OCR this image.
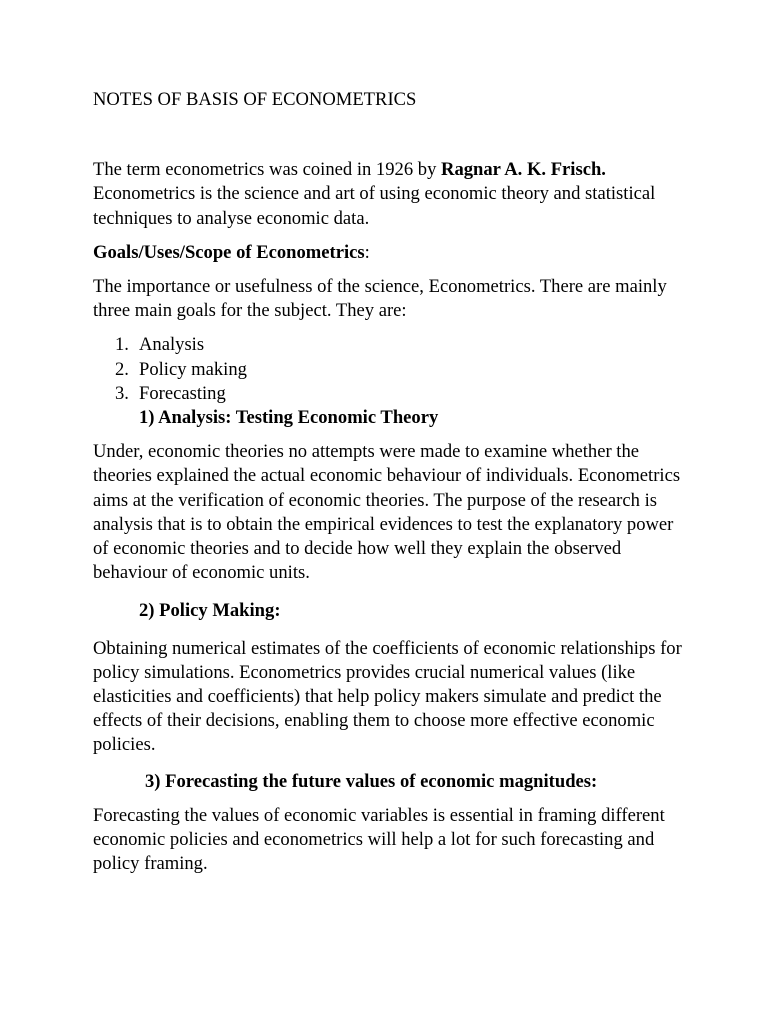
NOTES OF BASIS OF ECONOMETRICS

The term econometrics was coined in 1926 by Ragnar A. K. Frisch.
Econometrics is the science and art of using economic theory and statistical techniques to analyse economic data.

Goals/Uses/Scope of Econometrics:

The importance or usefulness of the science, Econometrics. There are mainly three main goals for the subject. They are:

1. Analysis
2. Policy making
3. Forecasting

1) Analysis: Testing Economic Theory

Under, economic theories no attempts were made to examine whether the theories explained the actual economic behaviour of individuals. Econometrics aims at the verification of economic theories. The purpose of the research is analysis that is to obtain the empirical evidences to test the explanatory power of economic theories and to decide how well they explain the observed behaviour of economic units.

2) Policy Making:

Obtaining numerical estimates of the coefficients of economic relationships for policy simulations. Econometrics provides crucial numerical values (like elasticities and coefficients) that help policy makers simulate and predict the effects of their decisions, enabling them to choose more effective economic policies.

3) Forecasting the future values of economic magnitudes:

Forecasting the values of economic variables is essential in framing different economic policies and econometrics will help a lot for such forecasting and policy framing.
